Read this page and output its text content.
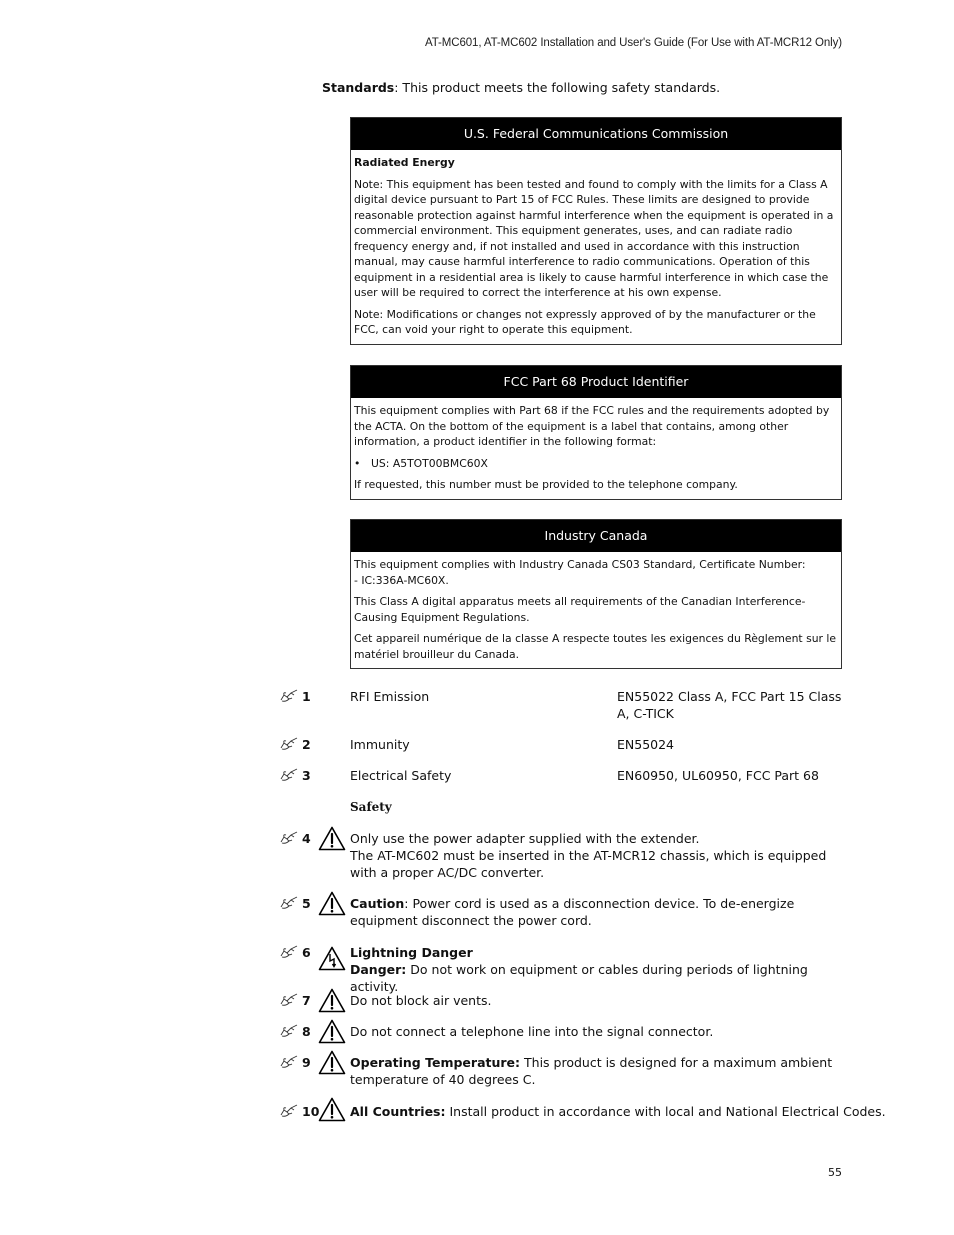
AT-MC601, AT-MC602 Installation and User's Guide (For Use with AT-MCR12 Only)
Standards: This product meets the following safety standards.
U.S. Federal Communications Commission

Radiated Energy

Note: This equipment has been tested and found to comply with the limits for a Class A digital device pursuant to Part 15 of FCC Rules. These limits are designed to provide reasonable protection against harmful interference when the equipment is operated in a commercial environment. This equipment generates, uses, and can radiate radio frequency energy and, if not installed and used in accordance with this instruction manual, may cause harmful interference to radio communications. Operation of this equipment in a residential area is likely to cause harmful interference in which case the user will be required to correct the interference at his own expense.

Note: Modifications or changes not expressly approved of by the manufacturer or the FCC, can void your right to operate this equipment.

FCC Part 68 Product Identifier

This equipment complies with Part 68 if the FCC rules and the requirements adopted by the ACTA. On the bottom of the equipment is a label that contains, among other information, a product identifier in the following format:

• US: A5TOT00BMC60X

If requested, this number must be provided to the telephone company.

Industry Canada

This equipment complies with Industry Canada CS03 Standard, Certificate Number:
- IC:336A-MC60X.

This Class A digital apparatus meets all requirements of the Canadian Interference-Causing Equipment Regulations.

Cet appareil numérique de la classe A respecte toutes les exigences du Règlement sur le matériel brouilleur du Canada.

1	RFI Emission	EN55022 Class A, FCC Part 15 Class A, C-TICK
2	Immunity	EN55024
3	Electrical Safety	EN60950, UL60950, FCC Part 68
Safety
4	Only use the power adapter supplied with the extender.
The AT-MC602 must be inserted in the AT-MCR12 chassis, which is equipped with a proper AC/DC converter.
5	Caution: Power cord is used as a disconnection device. To de-energize equipment disconnect the power cord.
6	Lightning Danger
Danger: Do not work on equipment or cables during periods of lightning activity.
7	Do not block air vents.
8	Do not connect a telephone line into the signal connector.
9	Operating Temperature: This product is designed for a maximum ambient temperature of 40 degrees C.
10 All Countries: Install product in accordance with local and National Electrical Codes.
55
